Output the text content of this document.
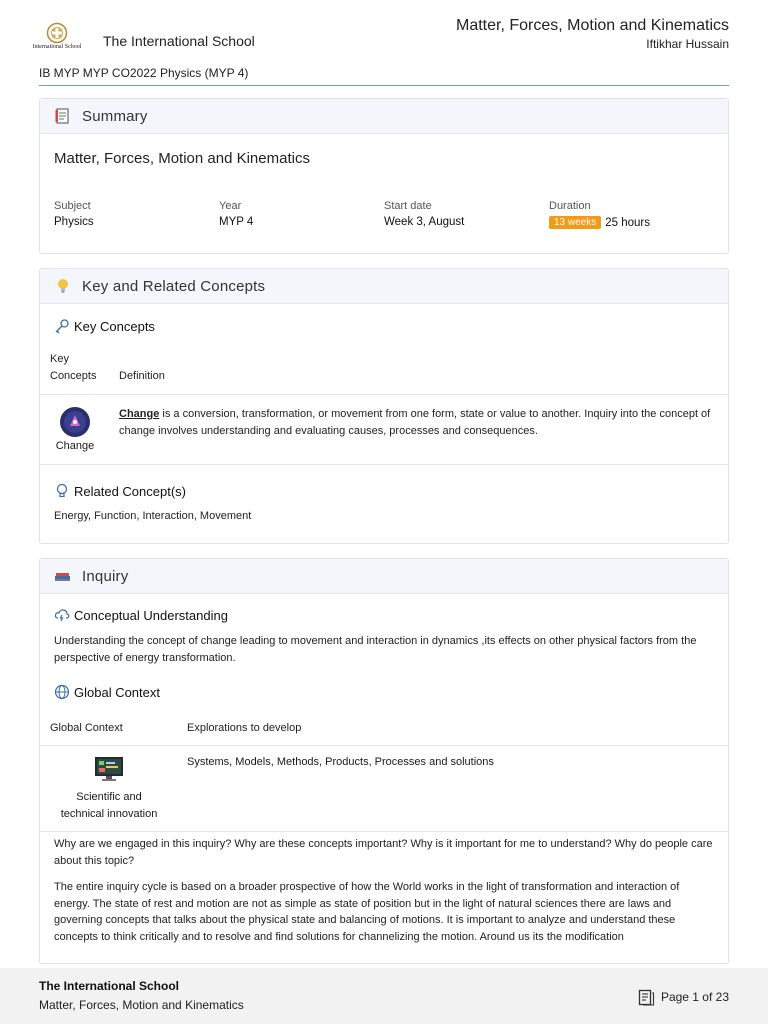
International School The International School
Matter, Forces, Motion and Kinematics
Iftikhar Hussain
IB MYP MYP CO2022 Physics (MYP 4)
Summary
Matter, Forces, Motion and Kinematics
Subject
Physics
Year
MYP 4
Start date
Week 3, August
Duration
13 weeks 25 hours
Key and Related Concepts
Key Concepts
Key Concepts	Definition
Change
Change is a conversion, transformation, or movement from one form, state or value to another. Inquiry into the concept of change involves understanding and evaluating causes, processes and consequences.
Related Concept(s)
Energy, Function, Interaction, Movement
Inquiry
Conceptual Understanding
Understanding the concept of change leading to movement and interaction in dynamics ,its effects on other physical factors from the perspective of energy transformation.
Global Context
Global Context	Explorations to develop
Scientific and technical innovation
Systems, Models, Methods, Products, Processes and solutions
Why are we engaged in this inquiry? Why are these concepts important? Why is it important for me to understand? Why do people care about this topic?
The entire inquiry cycle is based on a broader prospective of how the World works in the light of transformation and interaction of energy. The state of rest and motion are not as simple as state of position but in the light of natural sciences there are laws and governing concepts that talks about the physical state and balancing of motions. It is important to analyze and understand these concepts to think critically and to resolve and find solutions for channelizing the motion. Around us its the modification
The International School
Matter, Forces, Motion and Kinematics
Page 1 of 23
